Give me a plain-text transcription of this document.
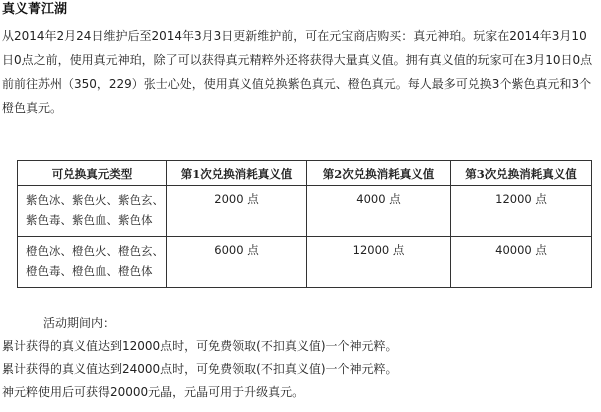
真义菁江湖

从2014年2月24日维护后至2014年3月3日更新维护前，可在元宝商店购买：真元神珀。玩家在2014年3月10日0点之前，使用真元神珀，除了可以获得真元精粹外还将获得大量真义值。拥有真义值的玩家可在3月10日0点前前往苏州（350，229）张士心处，使用真义值兑换紫色真元、橙色真元。每人最多可兑换3个紫色真元和3个橙色真元。

可兑换真元类型	第1次兑换消耗真义值	第2次兑换消耗真义值	第3次兑换消耗真义值

紫色冰、紫色火、紫色玄、
紫色毒、紫色血、紫色体	2000 点	4000 点	12000 点

橙色冰、橙色火、橙色玄、
橙色毒、橙色血、橙色体	6000 点	12000 点	40000 点
活动期间内：
累计获得的真义值达到12000点时，可免费领取(不扣真义值)一个神元粹。
累计获得的真义值达到24000点时，可免费领取(不扣真义值)一个神元粹。
神元粹使用后可获得20000元晶，元晶可用于升级真元。
